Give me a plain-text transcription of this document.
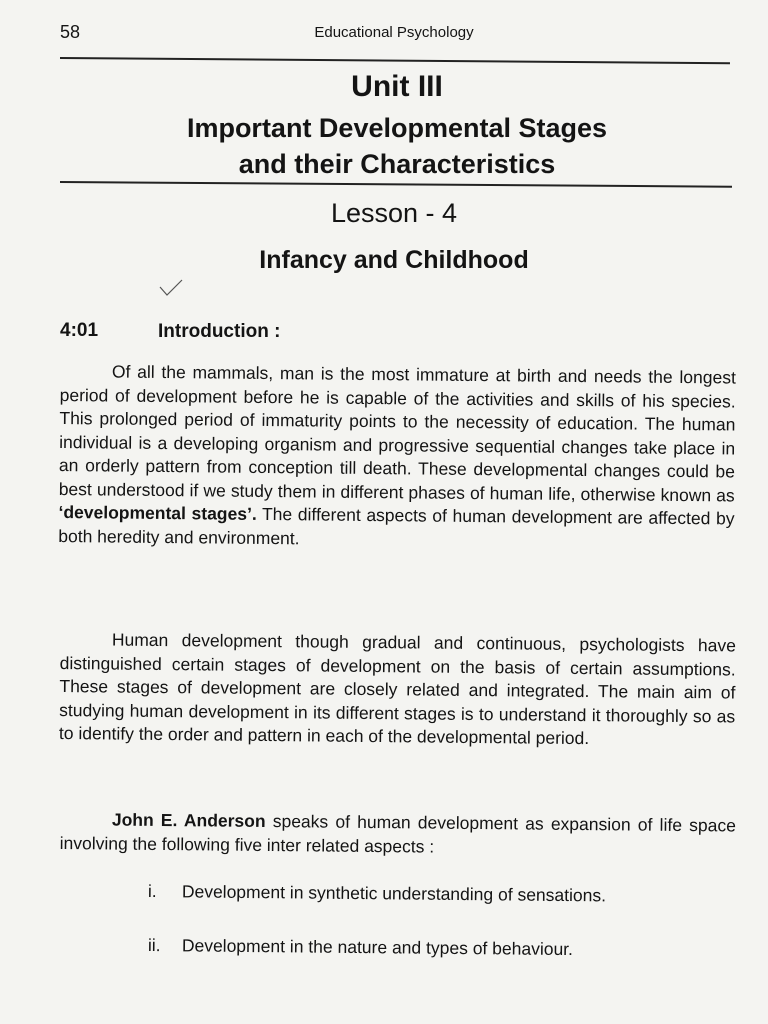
58	Educational Psychology
Unit III
Important Developmental Stages
and their Characteristics
Lesson - 4
Infancy and Childhood
4:01	Introduction :

Of all the mammals, man is the most immature at birth and needs the longest period of development before he is capable of the activities and skills of his species. This prolonged period of immaturity points to the necessity of education. The human individual is a developing organism and progressive sequential changes take place in an orderly pattern from conception till death. These developmental changes could be best understood if we study them in different phases of human life, otherwise known as ‘developmental stages’. The different aspects of human development are affected by both heredity and environment.

Human development though gradual and continuous, psychologists have distinguished certain stages of development on the basis of certain assumptions. These stages of development are closely related and integrated. The main aim of studying human development in its different stages is to understand it thoroughly so as to identify the order and pattern in each of the developmental period.

John E. Anderson speaks of human development as expansion of life space involving the following five inter related aspects :

i. Development in synthetic understanding of sensations.
ii. Development in the nature and types of behaviour.
